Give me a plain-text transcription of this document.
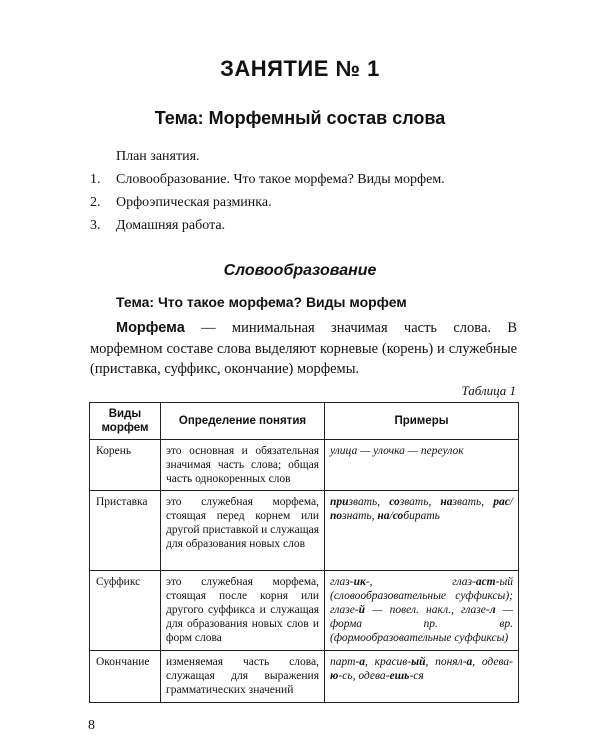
ЗАНЯТИЕ № 1
Тема: Морфемный состав слова
План занятия.
1. Словообразование. Что такое морфема? Виды морфем.
2. Орфоэпическая разминка.
3. Домашняя работа.
Словообразование
Тема: Что такое морфема? Виды морфем

Морфема — минимальная значимая часть слова. В морфемном составе слова выделяют корневые (корень) и служебные (приставка, суффикс, окончание) морфемы.

Таблица 1
Виды морфем	Определение понятия	Примеры
Корень	это основная и обязательная значимая часть слова; общая часть однокоренных слов	улица — улочка — переулок
Приставка	это служебная морфема, стоящая перед корнем или другой приставкой и служащая для образования новых слов	призвать, созвать, назвать, рас/познать, на/собирать
Суффикс	это служебная морфема, стоящая после корня или другого суффикса и служащая для образования новых слов и форм слова	глаз-ик-, глаз-аст-ый (словообразовательные суффиксы); глазе-й — повел. накл., глазе-л — форма пр. вр. (формообразовательные суффиксы)
Окончание	изменяемая часть слова, служащая для выражения грамматических значений	парт-а, красив-ый, понял-а, одева-ю-сь, одева-ешь-ся
8
